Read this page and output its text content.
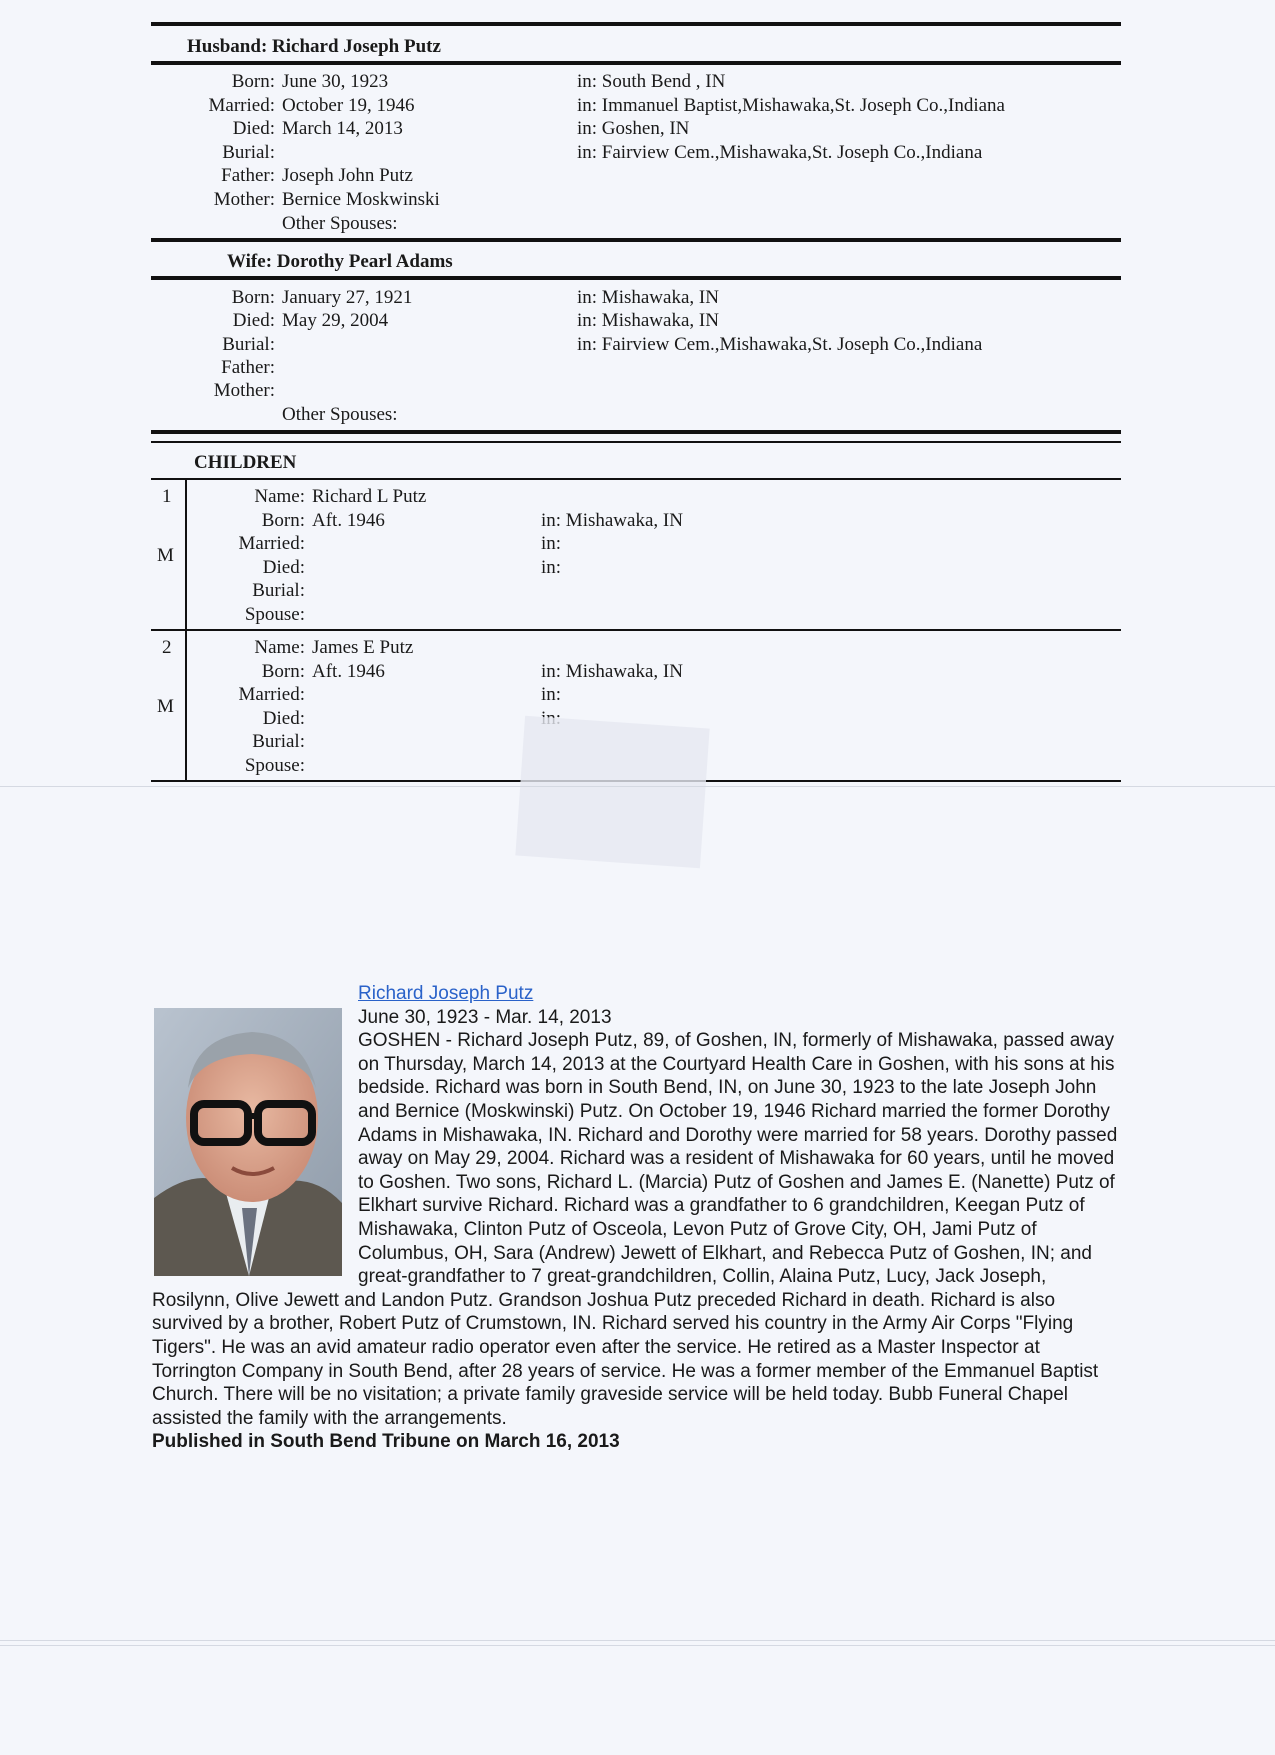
Husband: Richard Joseph Putz
Born: June 30, 1923
Married: October 19, 1946
Died: March 14, 2013
Burial:
Father: Joseph John Putz
Mother: Bernice Moskwinski
in: South Bend , IN
in: Immanuel Baptist,Mishawaka,St. Joseph Co.,Indiana
in: Goshen, IN
in: Fairview Cem.,Mishawaka,St. Joseph Co.,Indiana
Other Spouses:
Wife: Dorothy Pearl Adams
Born: January 27, 1921
Died: May 29, 2004
Burial:
Father:
Mother:
in: Mishawaka, IN
in: Mishawaka, IN
in: Fairview Cem.,Mishawaka,St. Joseph Co.,Indiana
Other Spouses:
CHILDREN
1
M
Name: Richard L Putz
Born: Aft. 1946
Married:
Died:
Burial:
Spouse:
in: Mishawaka, IN
in:
in:
2
M
Name: James E Putz
Born: Aft. 1946
Married:
Died:
Burial:
Spouse:
in: Mishawaka, IN
in:
Richard Joseph Putz
June 30, 1923 - Mar. 14, 2013
GOSHEN - Richard Joseph Putz, 89, of Goshen, IN, formerly of Mishawaka, passed away on Thursday, March 14, 2013 at the Courtyard Health Care in Goshen, with his sons at his bedside. Richard was born in South Bend, IN, on June 30, 1923 to the late Joseph John and Bernice (Moskwinski) Putz. On October 19, 1946 Richard married the former Dorothy Adams in Mishawaka, IN. Richard and Dorothy were married for 58 years. Dorothy passed away on May 29, 2004. Richard was a resident of Mishawaka for 60 years, until he moved to Goshen. Two sons, Richard L. (Marcia) Putz of Goshen and James E. (Nanette) Putz of Elkhart survive Richard. Richard was a grandfather to 6 grandchildren, Keegan Putz of Mishawaka, Clinton Putz of Osceola, Levon Putz of Grove City, OH, Jami Putz of Columbus, OH, Sara (Andrew) Jewett of Elkhart, and Rebecca Putz of Goshen, IN; and great-grandfather to 7 great-grandchildren, Collin, Alaina Putz, Lucy, Jack Joseph, Rosilynn, Olive Jewett and Landon Putz. Grandson Joshua Putz preceded Richard in death. Richard is also survived by a brother, Robert Putz of Crumstown, IN. Richard served his country in the Army Air Corps "Flying Tigers". He was an avid amateur radio operator even after the service. He retired as a Master Inspector at Torrington Company in South Bend, after 28 years of service. He was a former member of the Emmanuel Baptist Church. There will be no visitation; a private family graveside service will be held today. Bubb Funeral Chapel assisted the family with the arrangements.
Published in South Bend Tribune on March 16, 2013
